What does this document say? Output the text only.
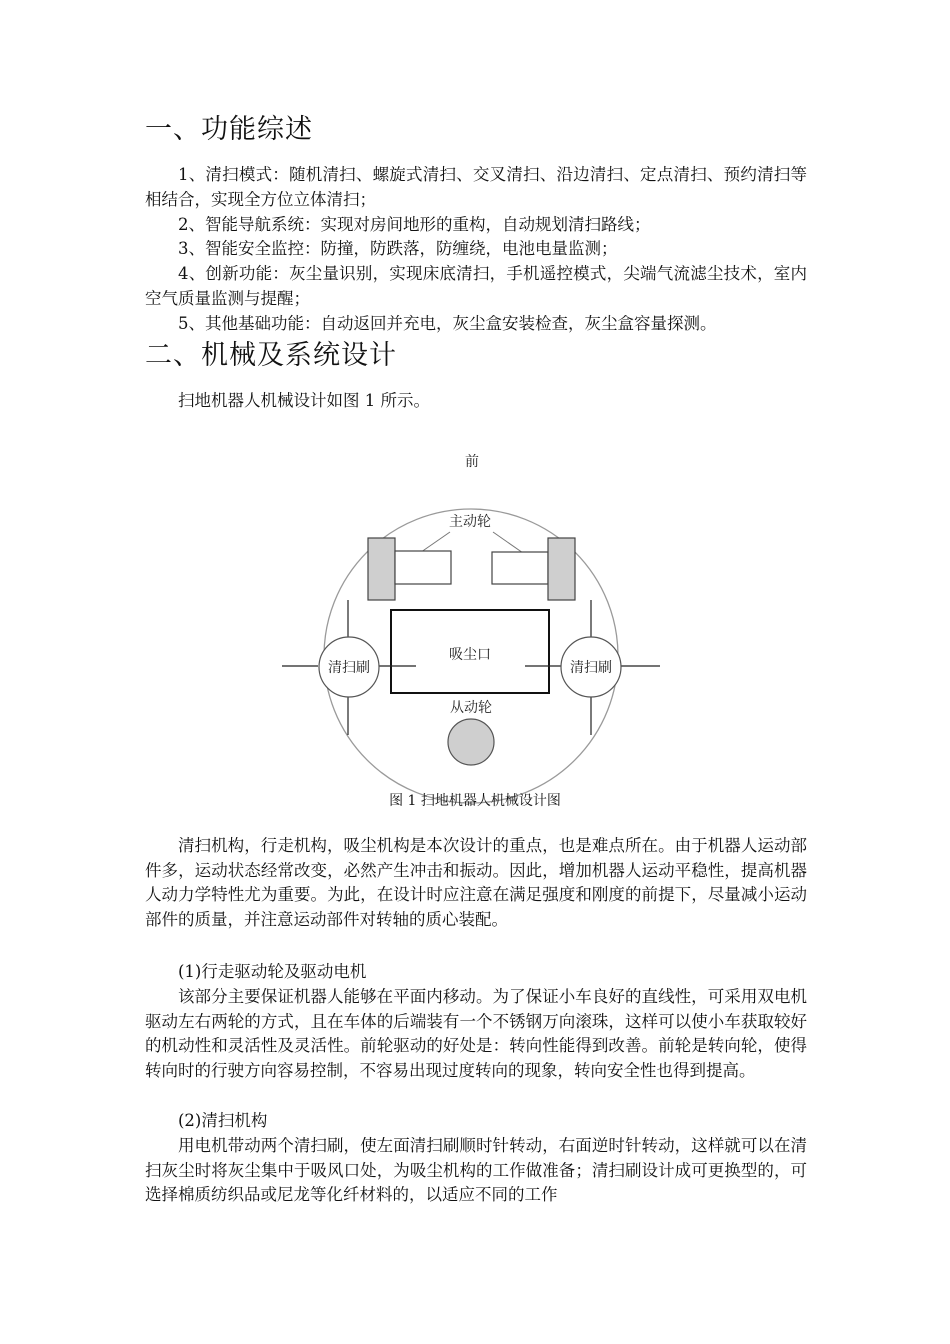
一、功能综述

1、清扫模式：随机清扫、螺旋式清扫、交叉清扫、沿边清扫、定点清扫、预约清扫等相结合，实现全方位立体清扫；

2、智能导航系统：实现对房间地形的重构，自动规划清扫路线；

3、智能安全监控：防撞，防跌落，防缠绕，电池电量监测；

4、创新功能：灰尘量识别，实现床底清扫，手机遥控模式，尖端气流滤尘技术，室内空气质量监测与提醒；

5、其他基础功能：自动返回并充电，灰尘盒安装检查，灰尘盒容量探测。

二、机械及系统设计

扫地机器人机械设计如图 1 所示。

前
主动轮
吸尘口
清扫刷	清扫刷
从动轮
图 1 扫地机器人机械设计图

清扫机构，行走机构，吸尘机构是本次设计的重点，也是难点所在。由于机器人运动部件多，运动状态经常改变，必然产生冲击和振动。因此，增加机器人运动平稳性，提高机器人动力学特性尤为重要。为此，在设计时应注意在满足强度和刚度的前提下，尽量减小运动部件的质量，并注意运动部件对转轴的质心装配。

(1)行走驱动轮及驱动电机

该部分主要保证机器人能够在平面内移动。为了保证小车良好的直线性，可采用双电机驱动左右两轮的方式，且在车体的后端装有一个不锈钢万向滚珠，这样可以使小车获取较好的机动性和灵活性及灵活性。前轮驱动的好处是：转向性能得到改善。前轮是转向轮，使得转向时的行驶方向容易控制，不容易出现过度转向的现象，转向安全性也得到提高。

(2)清扫机构

用电机带动两个清扫刷，使左面清扫刷顺时针转动，右面逆时针转动，这样就可以在清扫灰尘时将灰尘集中于吸风口处，为吸尘机构的工作做准备；清扫刷设计成可更换型的，可选择棉质纺织品或尼龙等化纤材料的，以适应不同的工作
